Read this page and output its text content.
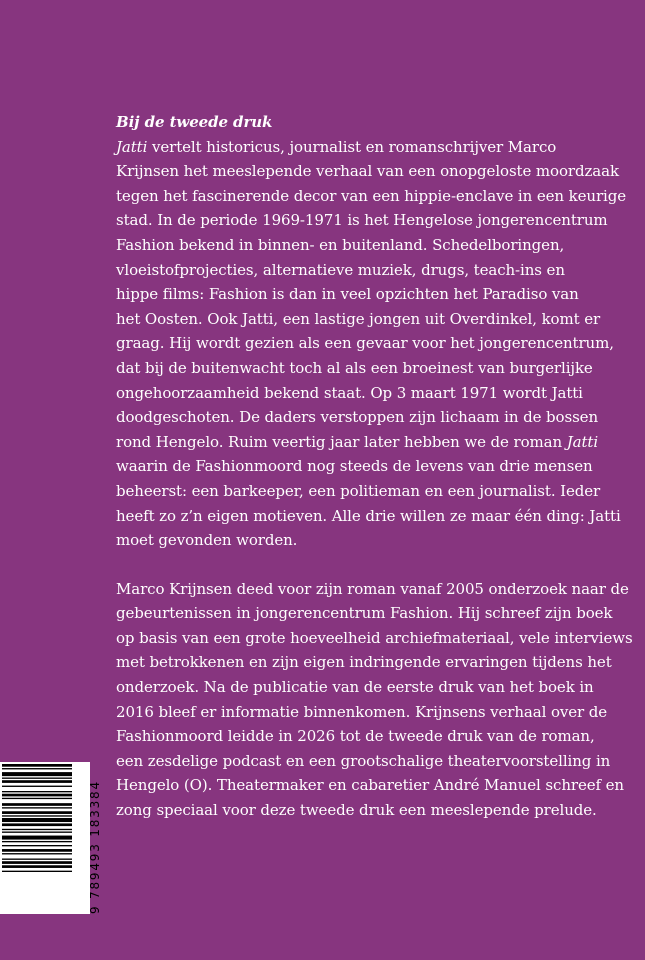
Bij de tweede druk
Jatti vertelt historicus, journalist en romanschrijver Marco
Krijnsen het meeslepende verhaal van een onopgeloste moordzaak
tegen het fascinerende decor van een hippie-enclave in een keurige
stad. In de periode 1969-1971 is het Hengelose jongerencentrum
Fashion bekend in binnen- en buitenland. Schedelboringen,
vloeistofprojecties, alternatieve muziek, drugs, teach-ins en
hippe films: Fashion is dan in veel opzichten het Paradiso van
het Oosten. Ook Jatti, een lastige jongen uit Overdinkel, komt er
graag. Hij wordt gezien als een gevaar voor het jongerencentrum,
dat bij de buitenwacht toch al als een broeinest van burgerlijke
ongehoorzaamheid bekend staat. Op 3 maart 1971 wordt Jatti
doodgeschoten. De daders verstoppen zijn lichaam in de bossen
rond Hengelo. Ruim veertig jaar later hebben we de roman Jatti
waarin de Fashionmoord nog steeds de levens van drie mensen
beheerst: een barkeeper, een politieman en een journalist. Ieder
heeft zo z’n eigen motieven. Alle drie willen ze maar één ding: Jatti
moet gevonden worden.
Marco Krijnsen deed voor zijn roman vanaf 2005 onderzoek naar de
gebeurtenissen in jongerencentrum Fashion. Hij schreef zijn boek
op basis van een grote hoeveelheid archiefmateriaal, vele interviews
met betrokkenen en zijn eigen indringende ervaringen tijdens het
onderzoek. Na de publicatie van de eerste druk van het boek in
2016 bleef er informatie binnenkomen. Krijnsens verhaal over de
Fashionmoord leidde in 2026 tot de tweede druk van de roman,
een zesdelige podcast en een grootschalige theatervoorstelling in
Hengelo (O). Theatermaker en cabaretier André Manuel schreef en
zong speciaal voor deze tweede druk een meeslepende prelude.
9 789493 183384
